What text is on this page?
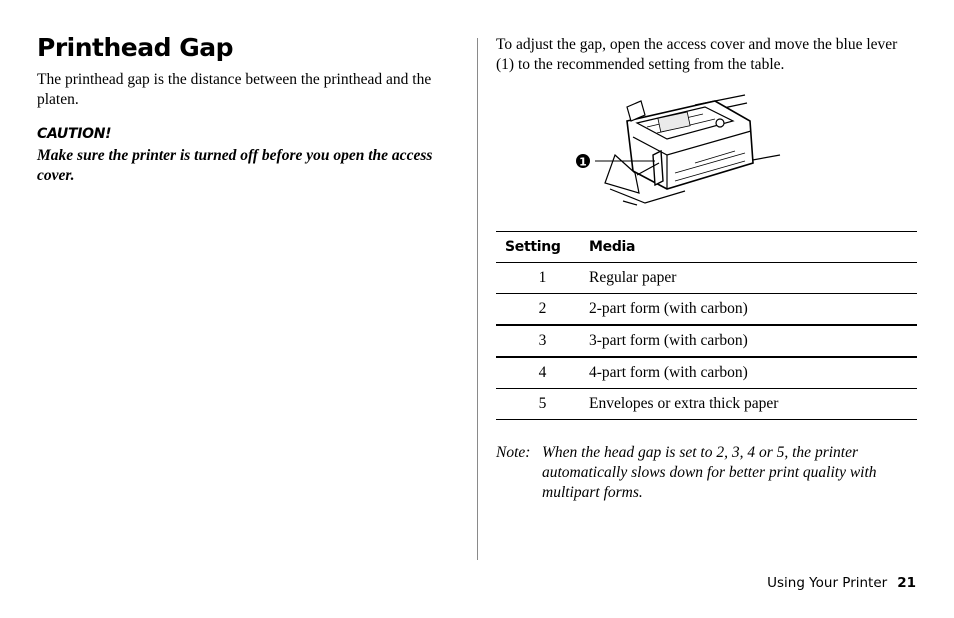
Printhead Gap

The printhead gap is the distance between the printhead and the platen.

CAUTION!

Make sure the printer is turned off before you open the access cover.

To adjust the gap, open the access cover and move the blue lever (1) to the recommended setting from the table.

1
Setting	Media
1	Regular paper
2	2-part form (with carbon)
3	3-part form (with carbon)
4	4-part form (with carbon)
5	Envelopes or extra thick paper
Note: When the head gap is set to 2, 3, 4 or 5, the printer automatically slows down for better print quality with multipart forms.
Using Your Printer 21
